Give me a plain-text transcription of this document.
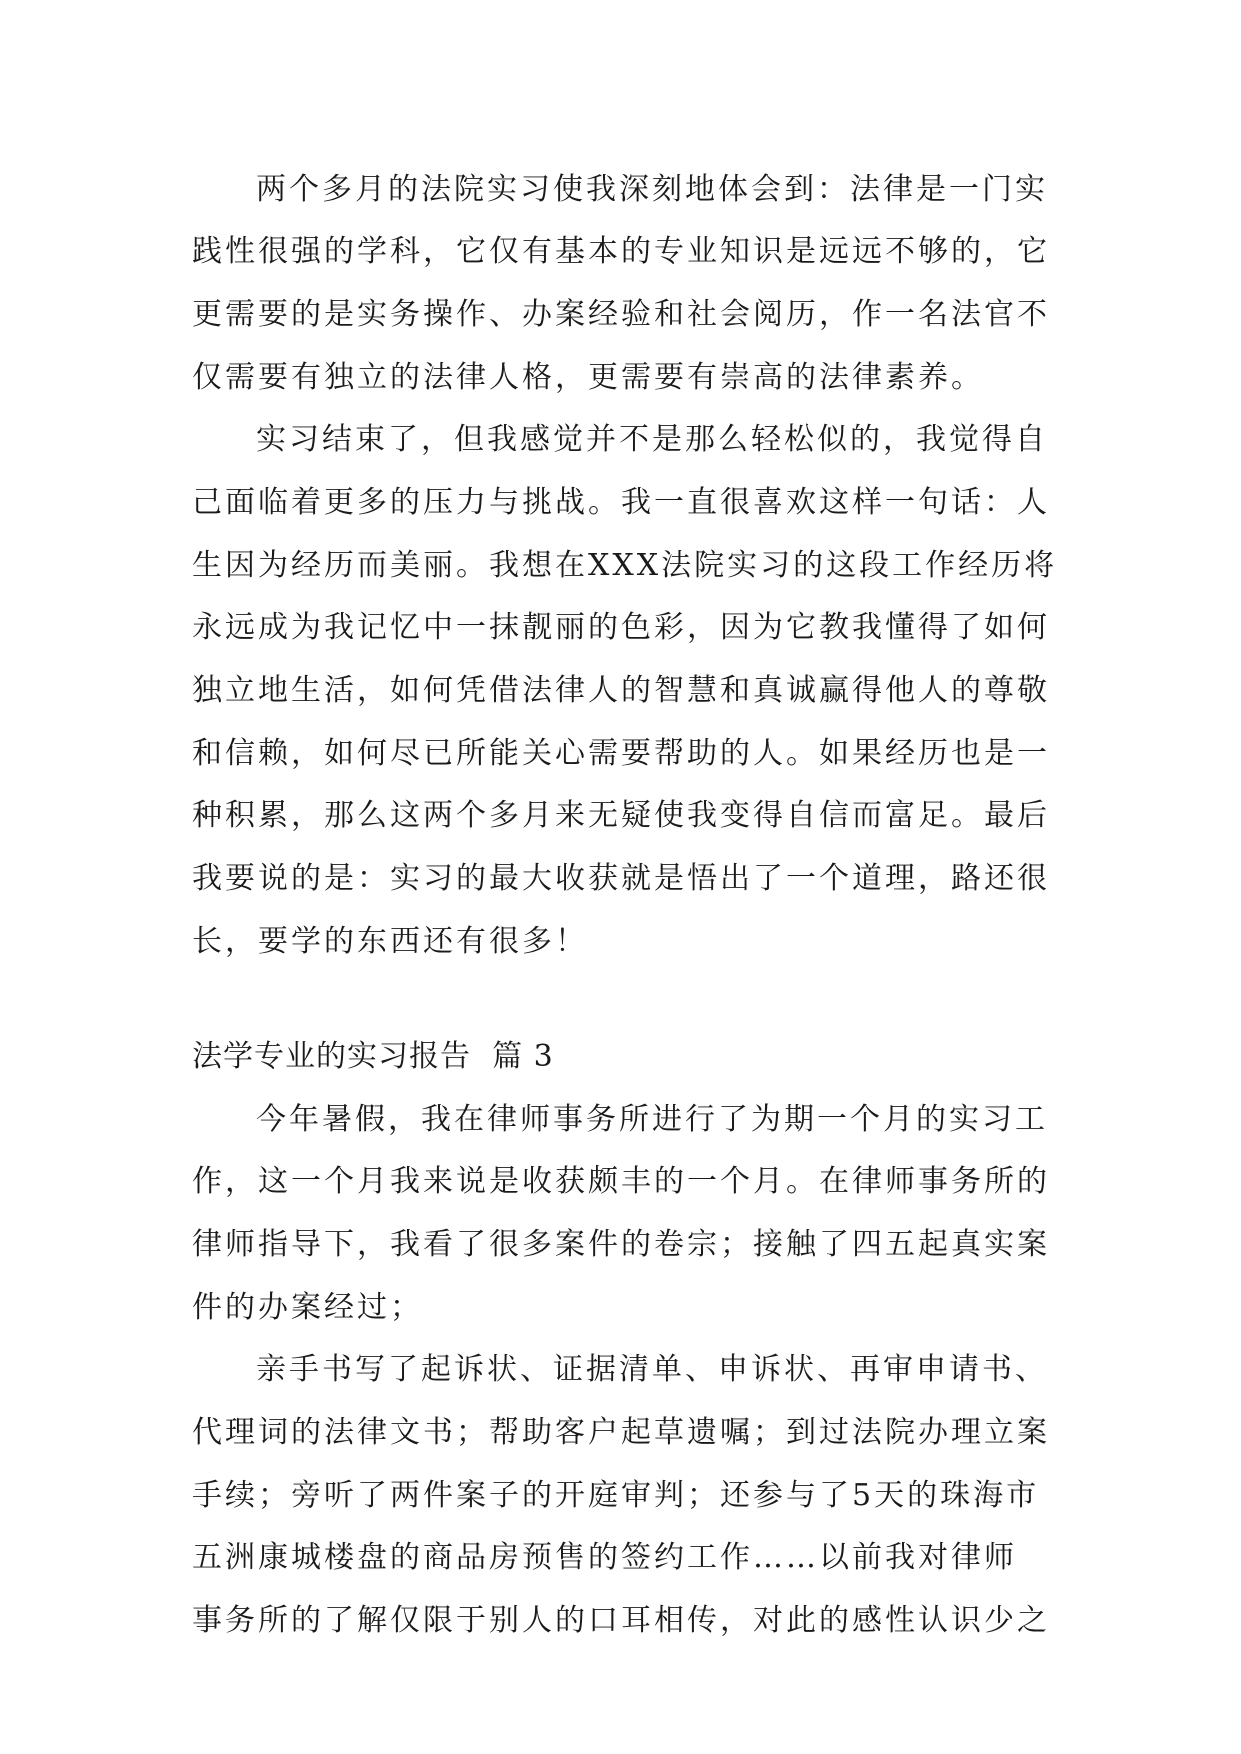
两个多月的法院实习使我深刻地体会到：法律是一门实
践性很强的学科，它仅有基本的专业知识是远远不够的，它
更需要的是实务操作、办案经验和社会阅历，作一名法官不
仅需要有独立的法律人格，更需要有崇高的法律素养。
实习结束了，但我感觉并不是那么轻松似的，我觉得自
己面临着更多的压力与挑战。我一直很喜欢这样一句话：人
生因为经历而美丽。我想在XXX法院实习的这段工作经历将
永远成为我记忆中一抹靓丽的色彩，因为它教我懂得了如何
独立地生活，如何凭借法律人的智慧和真诚赢得他人的尊敬
和信赖，如何尽已所能关心需要帮助的人。如果经历也是一
种积累，那么这两个多月来无疑使我变得自信而富足。最后
我要说的是：实习的最大收获就是悟出了一个道理，路还很
长，要学的东西还有很多！
法学专业的实习报告  篇 3
今年暑假，我在律师事务所进行了为期一个月的实习工
作，这一个月我来说是收获颇丰的一个月。在律师事务所的
律师指导下，我看了很多案件的卷宗；接触了四五起真实案
件的办案经过；
亲手书写了起诉状、证据清单、申诉状、再审申请书、
代理词的法律文书；帮助客户起草遗嘱；到过法院办理立案
手续；旁听了两件案子的开庭审判；还参与了5天的珠海市
五洲康城楼盘的商品房预售的签约工作……以前我对律师
事务所的了解仅限于别人的口耳相传，对此的感性认识少之
